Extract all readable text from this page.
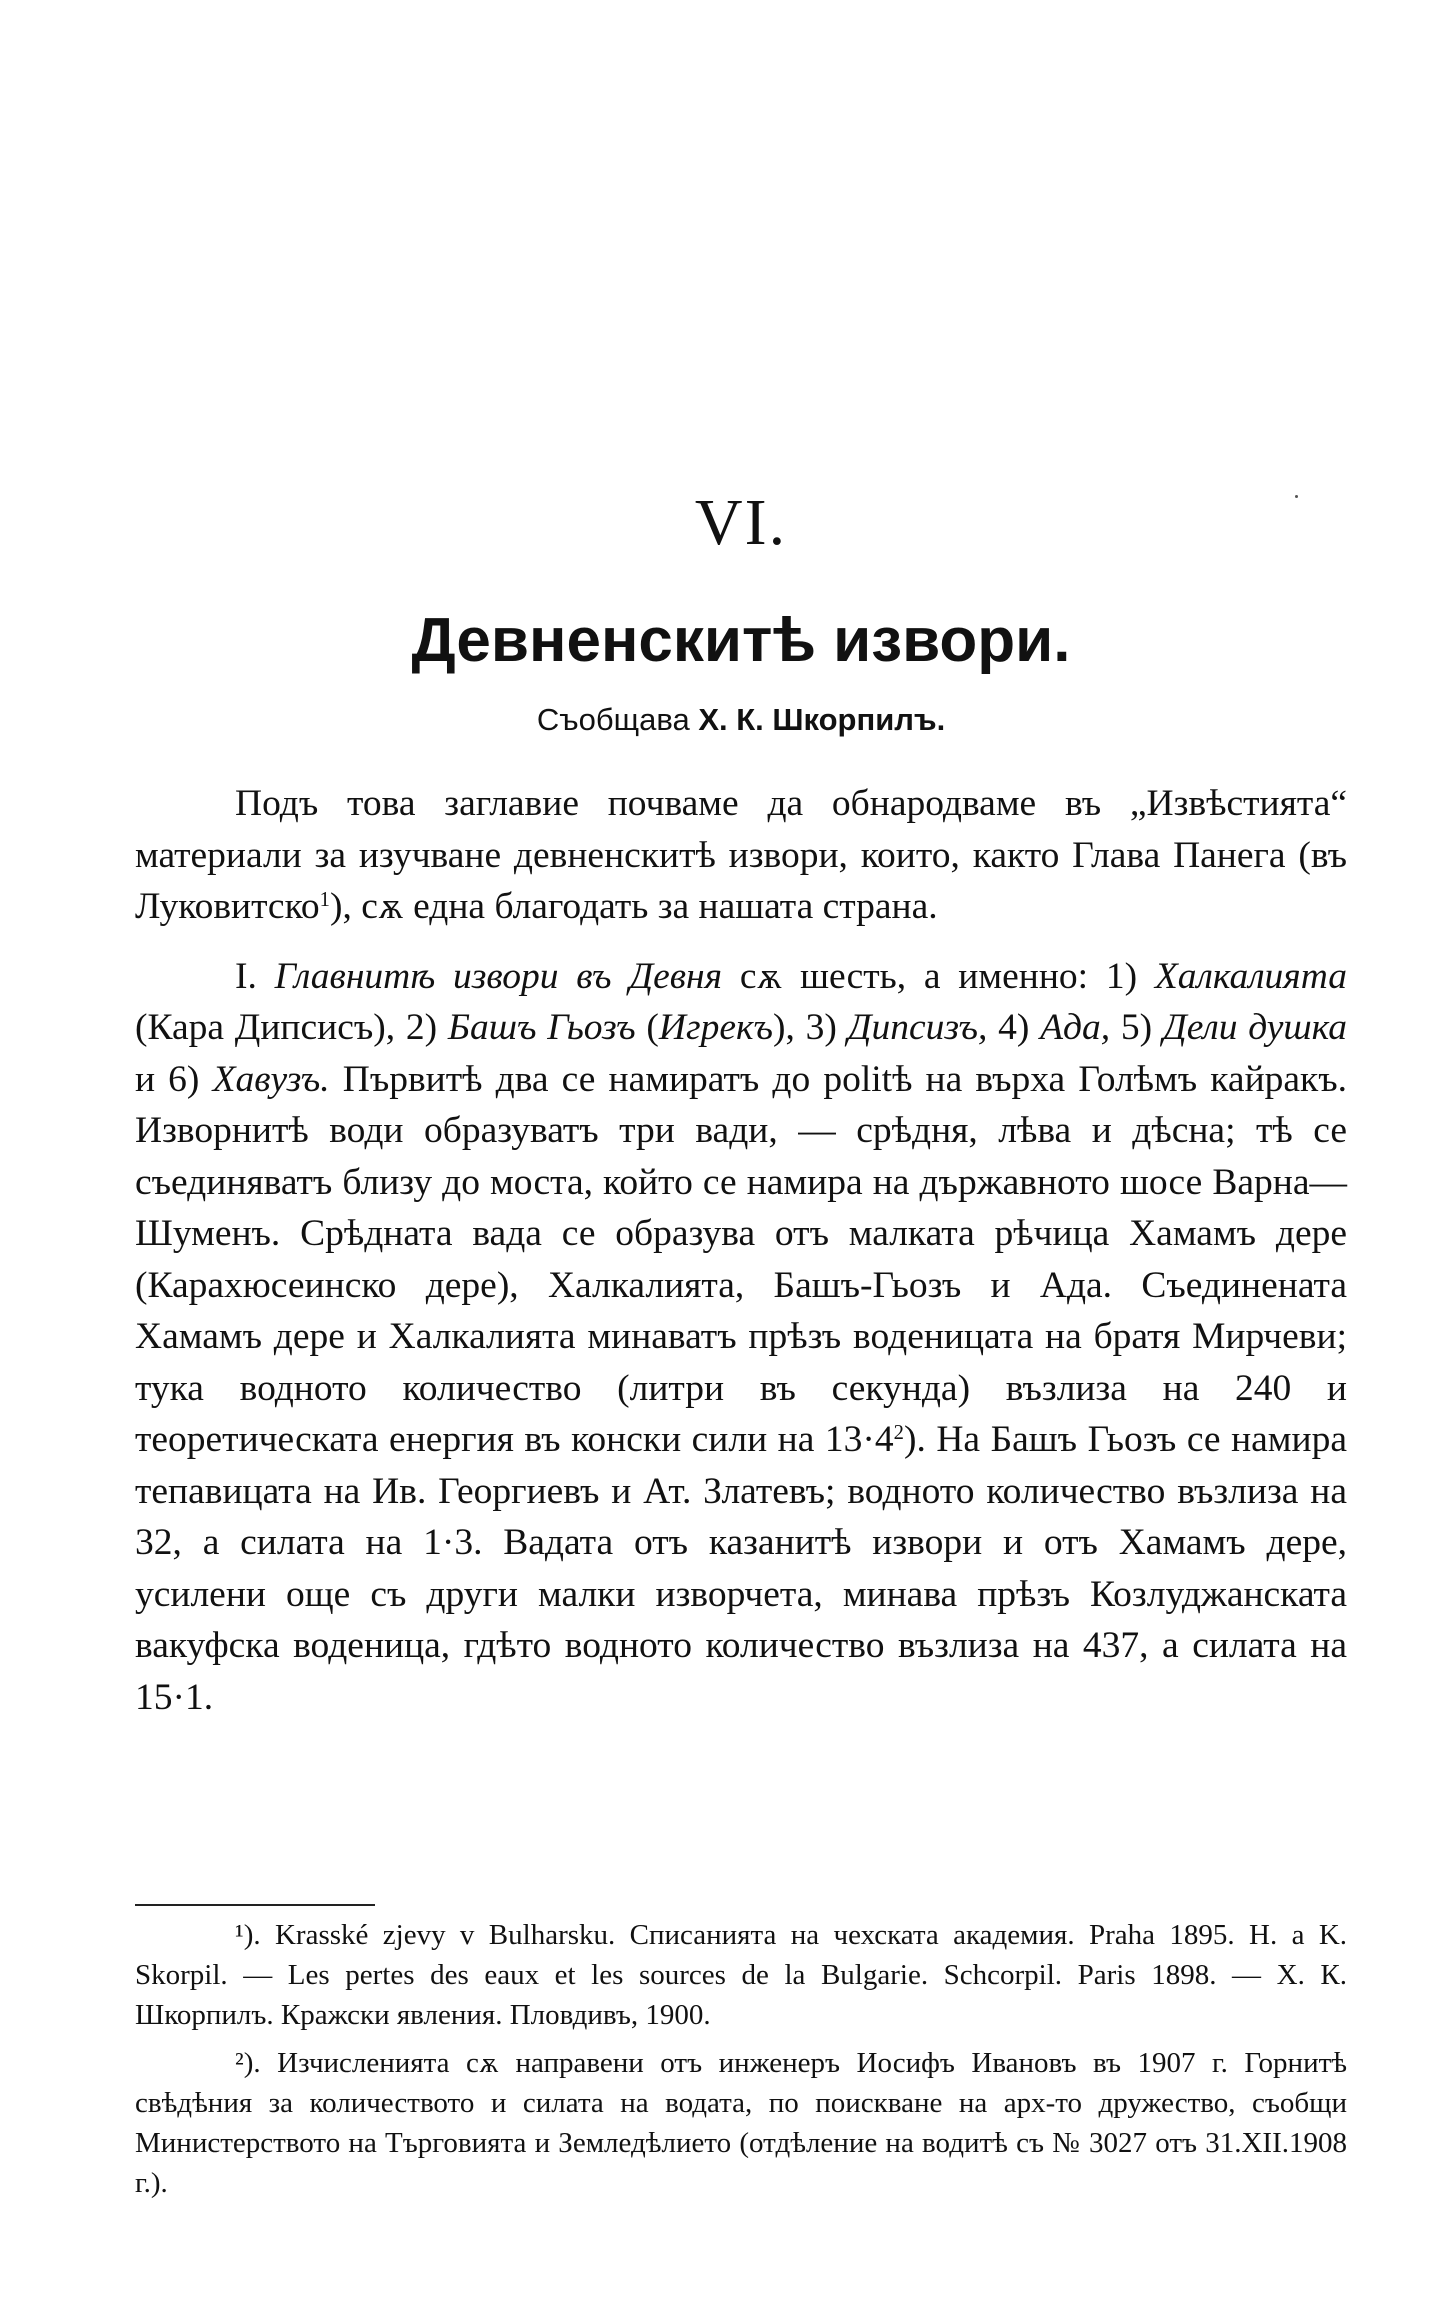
VI.
Девненскитѣ извори.
Съобщава Х. К. Шкорпилъ.

Подъ това заглавие почваме да обнародваме въ „Извѣстията“ материали за изучване девненскитѣ извори, които, както Глава Панега (въ Луковитско$^1$), сѫ една благодать за нашата страна.

I. Главнитѣ извори въ Девня сѫ шесть, а именно: 1) Халкалията (Кара Дипсисъ), 2) Башъ Гьозъ (Игрекъ), 3) Дипсизъ, 4) Ада, 5) Дели душка и 6) Хавузъ. Първитѣ два се намиратъ до politѣ на върха Голѣмъ кайракъ. Изворнитѣ води образуватъ три вади, — срѣдня, лѣва и дѣсна; тѣ се съединяватъ близу до моста, който се намира на държавното шосе Варна—Шуменъ. Срѣдната вада се образува отъ малката рѣчица Хамамъ дере (Карахюсеинско дере), Халкалията, Башъ-Гьозъ и Ада. Съединената Хамамъ дере и Халкалията минаватъ прѣзъ воденицата на братя Мирчеви; тука водното количество (литри въ секунда) възлиза на 240 и теоретическата енергия въ конски сили на $13\cdot 4^2$). На Башъ Гьозъ се намира тепавицата на Ив. Георгиевъ и Ат. Златевъ; водното количество възлиза на 32, а силата на 1·3. Вадата отъ казанитѣ извори и отъ Хамамъ дере, усилени още съ други малки изворчета, минава прѣзъ Козлуджанската вакуфска воденица, гдѣто водното количество възлиза на 437, а силата на 15·1.

¹). Krasské zjevy v Bulharsku. Списанията на чехската академия. Praha 1895. H. a K. Skorpil. — Les pertes des eaux et les sources de la Bulgarie. Schcorpil. Paris 1898. — Х. К. Шкорпилъ. Кражски явления. Пловдивъ, 1900.

²). Изчисленията сѫ направени отъ инженеръ Иосифъ Ивановъ въ 1907 г. Горнитѣ свѣдѣния за количеството и силата на водата, по поискване на арх-то дружество, съобщи Министерството на Търговията и Земледѣлието (отдѣление на водитѣ съ № 3027 отъ 31.XII.1908 г.).
